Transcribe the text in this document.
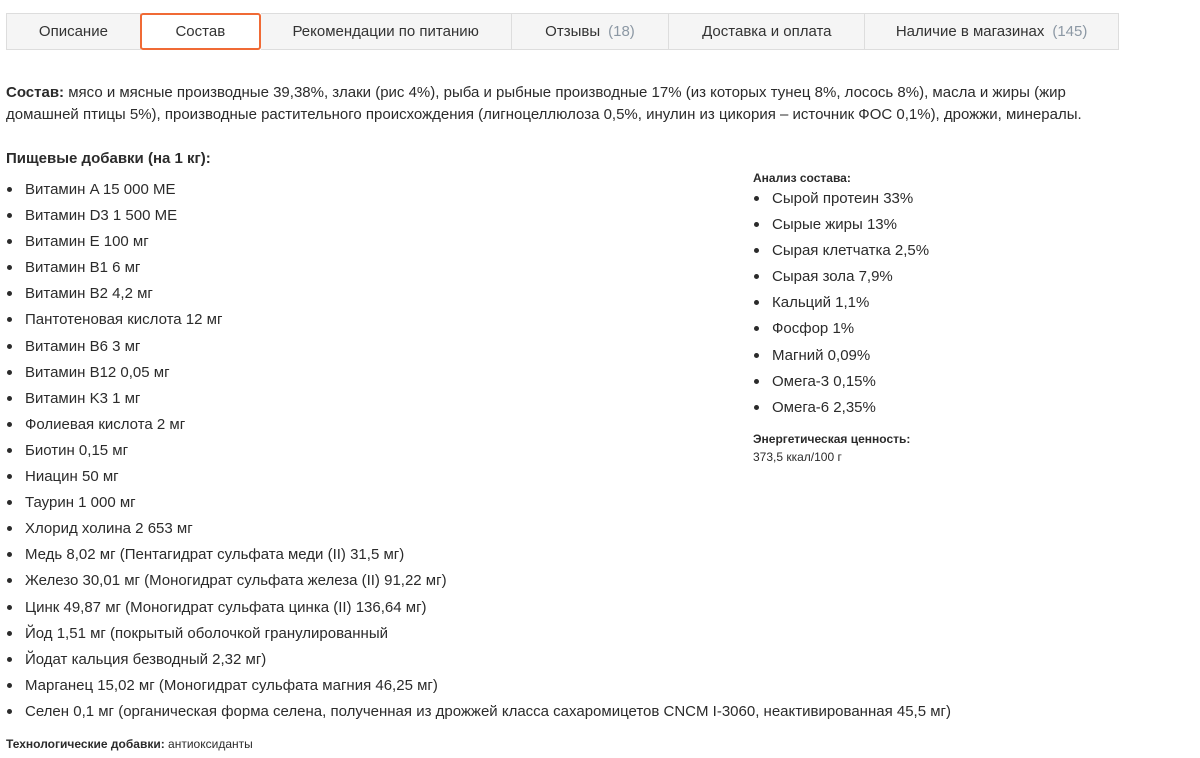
Описание	Состав	Рекомендации по питанию	Отзывы (18)	Доставка и оплата	Наличие в магазинах (145)

Состав: мясо и мясные производные 39,38%, злаки (рис 4%), рыба и рыбные производные 17% (из которых тунец 8%, лосось 8%), масла и жиры (жир домашней птицы 5%), производные растительного происхождения (лигноцеллюлоза 0,5%, инулин из цикория – источник ФОС 0,1%), дрожжи, минералы.

Пищевые добавки (на 1 кг):

Витамин A 15 000 МЕ
Витамин D3 1 500 МЕ
Витамин E 100 мг
Витамин B1 6 мг
Витамин B2 4,2 мг
Пантотеновая кислота 12 мг
Витамин B6 3 мг
Витамин B12 0,05 мг
Витамин K3 1 мг
Фолиевая кислота 2 мг
Биотин 0,15 мг
Ниацин 50 мг
Таурин 1 000 мг
Хлорид холина 2 653 мг
Медь 8,02 мг (Пентагидрат сульфата меди (II) 31,5 мг)
Железо 30,01 мг (Моногидрат сульфата железа (II) 91,22 мг)
Цинк 49,87 мг (Моногидрат сульфата цинка (II) 136,64 мг)
Йод 1,51 мг (покрытый оболочкой гранулированный
Йодат кальция безводный 2,32 мг)
Марганец 15,02 мг (Моногидрат сульфата магния 46,25 мг)
Селен 0,1 мг (органическая форма селена, полученная из дрожжей класса сахаромицетов CNCM I-3060, неактивированная 45,5 мг)

Анализ состава:

Сырой протеин 33%
Сырые жиры 13%
Сырая клетчатка 2,5%
Сырая зола 7,9%
Кальций 1,1%
Фосфор 1%
Магний 0,09%
Омега-3 0,15%
Омега-6 2,35%

Энергетическая ценность:

373,5 ккал/100 г

Технологические добавки: антиоксиданты
